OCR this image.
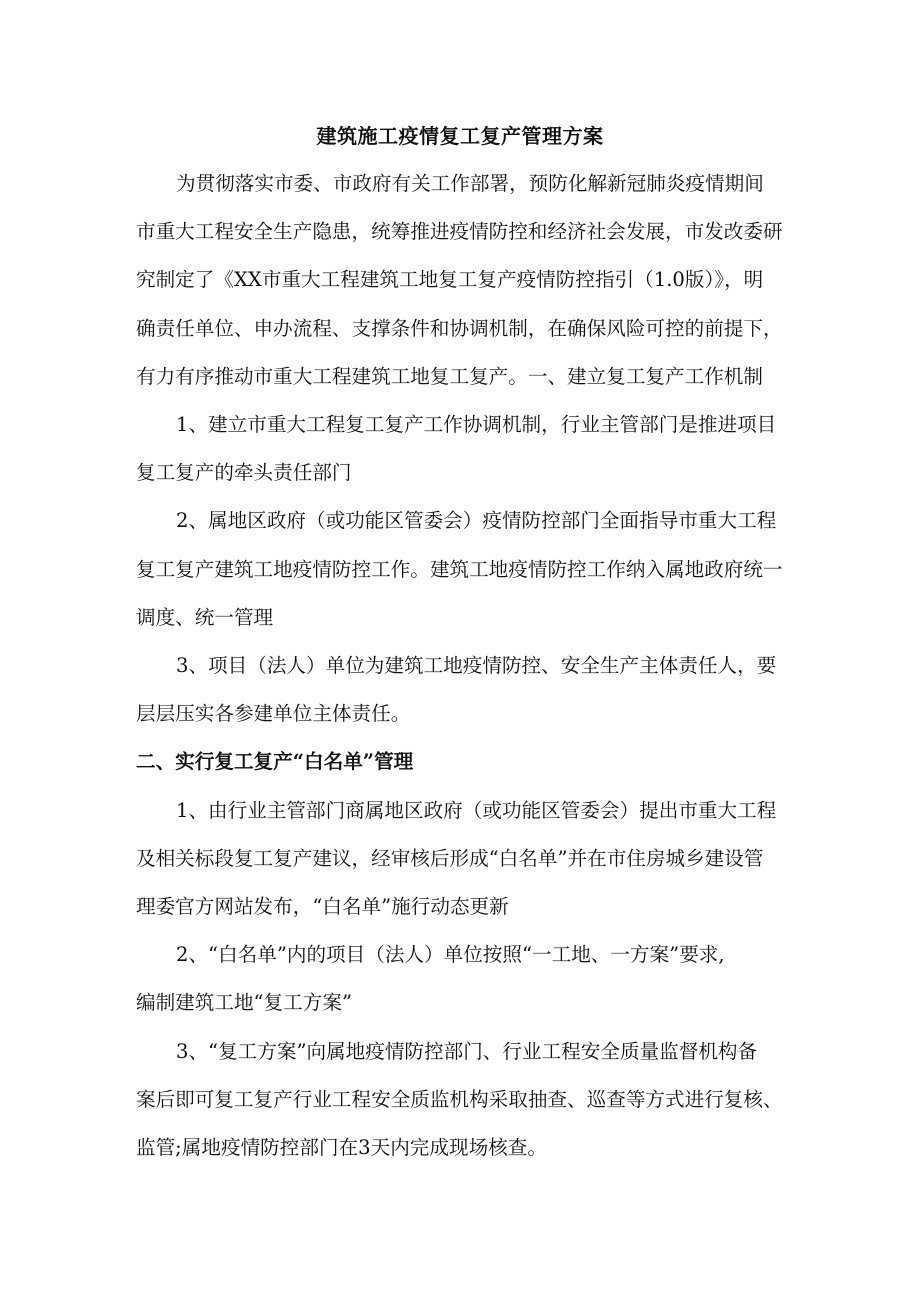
建筑施工疫情复工复产管理方案
为贯彻落实市委、市政府有关工作部署，预防化解新冠肺炎疫情期间
市重大工程安全生产隐患，统筹推进疫情防控和经济社会发展，市发改委研
究制定了《XX市重大工程建筑工地复工复产疫情防控指引（1.0版）》，明
确责任单位、申办流程、支撑条件和协调机制，在确保风险可控的前提下，
有力有序推动市重大工程建筑工地复工复产。一、建立复工复产工作机制
1、建立市重大工程复工复产工作协调机制，行业主管部门是推进项目
复工复产的牵头责任部门
2、属地区政府（或功能区管委会）疫情防控部门全面指导市重大工程
复工复产建筑工地疫情防控工作。建筑工地疫情防控工作纳入属地政府统一
调度、统一管理
3、项目（法人）单位为建筑工地疫情防控、安全生产主体责任人，要
层层压实各参建单位主体责任。
二、实行复工复产“白名单”管理
1、由行业主管部门商属地区政府（或功能区管委会）提出市重大工程
及相关标段复工复产建议，经审核后形成“白名单”并在市住房城乡建设管
理委官方网站发布，“白名单”施行动态更新
2、“白名单”内的项目（法人）单位按照“一工地、一方案”要求,
编制建筑工地“复工方案”
3、“复工方案”向属地疫情防控部门、行业工程安全质量监督机构备
案后即可复工复产行业工程安全质监机构采取抽查、巡查等方式进行复核、
监管;属地疫情防控部门在3天内完成现场核查。
